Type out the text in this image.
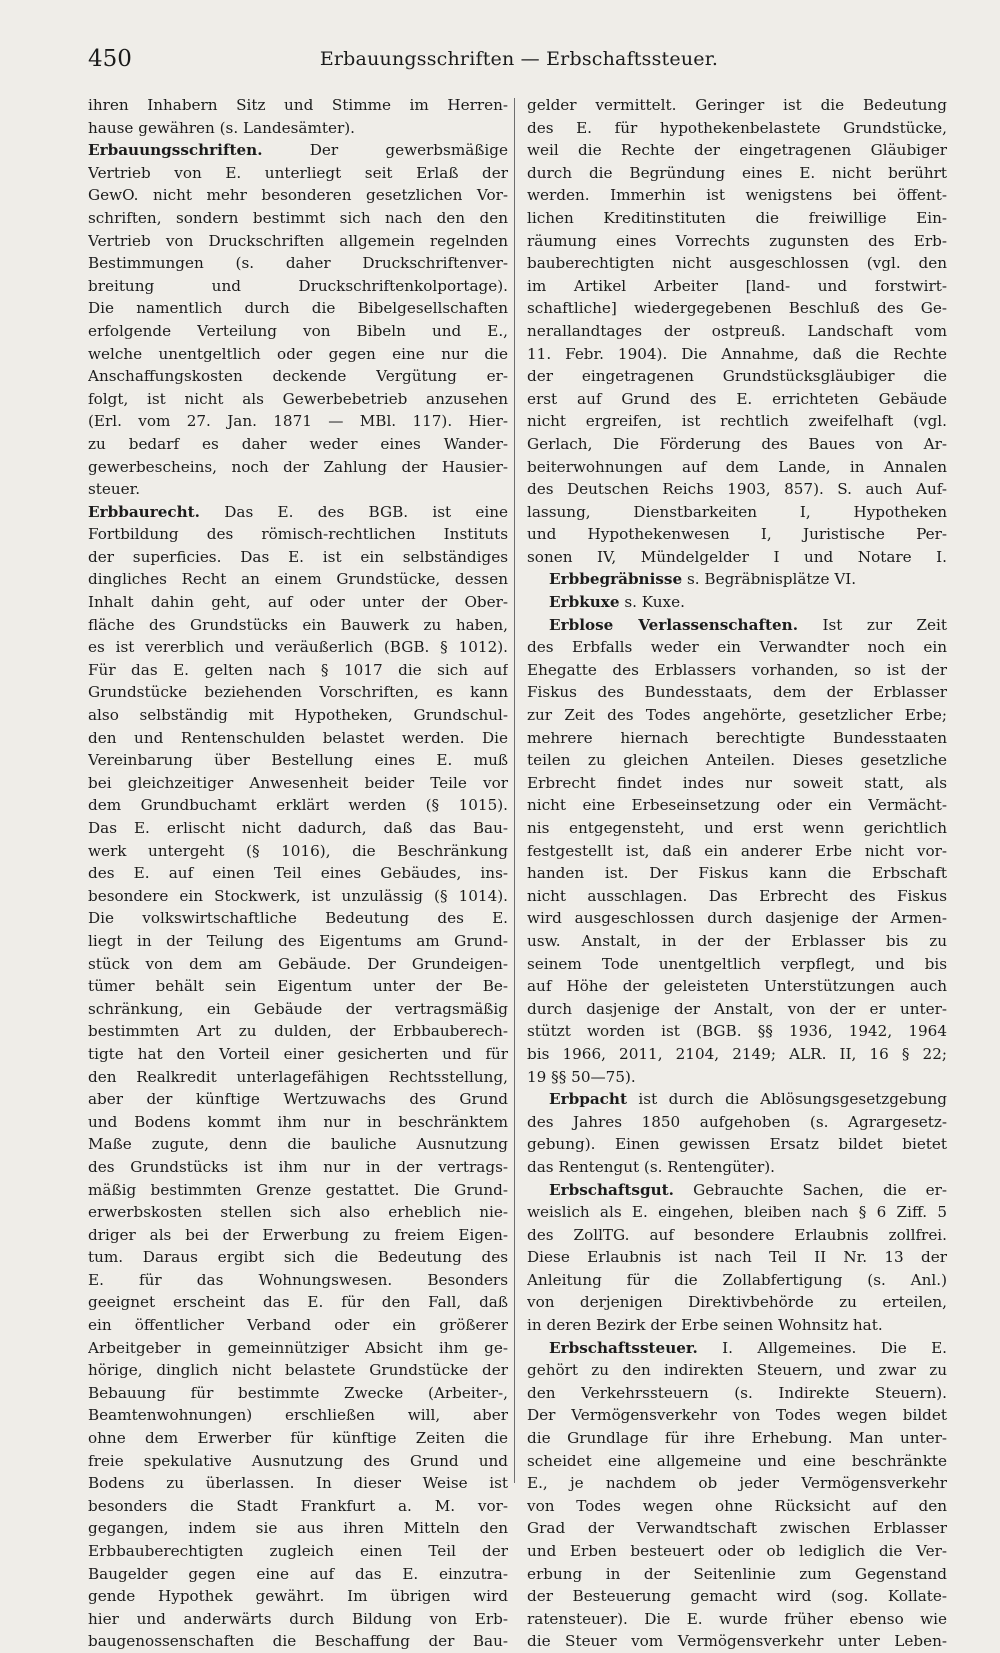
450	Erbauungsschriften — Erbschaftssteuer.
ihren Inhabern Sitz und Stimme im Herren-
hause gewähren (s. Landesämter).
Erbauungsschriften.	Der gewerbsmäßige
Vertrieb von E. unterliegt seit Erlaß der
GewO. nicht mehr besonderen gesetzlichen Vor-
schriften, sondern bestimmt sich nach den den
Vertrieb von Druckschriften allgemein regelnden
Bestimmungen (s. daher Druckschriftenver-
breitung und Druckschriftenkolportage).
Die namentlich durch die Bibelgesellschaften
erfolgende Verteilung von Bibeln und E.,
welche unentgeltlich oder gegen eine nur die
Anschaffungskosten deckende Vergütung er-
folgt, ist nicht als Gewerbebetrieb anzusehen
(Erl. vom 27. Jan. 1871 — MBl. 117). Hier-
zu bedarf es daher weder eines Wander-
gewerbescheins, noch der Zahlung der Hausier-
steuer.
Erbbaurecht. Das E. des BGB. ist eine
Fortbildung des römisch-rechtlichen Instituts
der superficies. Das E. ist ein selbständiges
dingliches Recht an einem Grundstücke, dessen
Inhalt dahin geht, auf oder unter der Ober-
fläche des Grundstücks ein Bauwerk zu haben,
es ist vererblich und veräußerlich (BGB. § 1012).
Für das E. gelten nach § 1017 die sich auf
Grundstücke beziehenden Vorschriften, es kann
also selbständig mit Hypotheken, Grundschul-
den und Rentenschulden belastet werden. Die
Vereinbarung über Bestellung eines E. muß
bei gleichzeitiger Anwesenheit beider Teile vor
dem Grundbuchamt erklärt werden (§ 1015).
Das E. erlischt nicht dadurch, daß das Bau-
werk untergeht (§ 1016), die Beschränkung
des E. auf einen Teil eines Gebäudes, ins-
besondere ein Stockwerk, ist unzulässig (§ 1014).
Die volkswirtschaftliche Bedeutung des E.
liegt in der Teilung des Eigentums am Grund-
stück von dem am Gebäude. Der Grundeigen-
tümer behält sein Eigentum unter der Be-
schränkung, ein Gebäude der vertragsmäßig
bestimmten Art zu dulden, der Erbbauberech-
tigte hat den Vorteil einer gesicherten und für
den Realkredit unterlagefähigen Rechtsstellung,
aber der künftige Wertzuwachs des Grund
und Bodens kommt ihm nur in beschränktem
Maße zugute, denn die bauliche Ausnutzung
des Grundstücks ist ihm nur in der vertrags-
mäßig bestimmten Grenze gestattet. Die Grund-
erwerbskosten stellen sich also erheblich nie-
driger als bei der Erwerbung zu freiem Eigen-
tum. Daraus ergibt sich die Bedeutung des
E. für das Wohnungswesen. Besonders
geeignet erscheint das E. für den Fall, daß
ein öffentlicher Verband oder ein größerer
Arbeitgeber in gemeinnütziger Absicht ihm ge-
hörige, dinglich nicht belastete Grundstücke der
Bebauung für bestimmte Zwecke (Arbeiter-,
Beamtenwohnungen) erschließen will, aber
ohne dem Erwerber für künftige Zeiten die
freie spekulative Ausnutzung des Grund und
Bodens zu überlassen. In dieser Weise ist
besonders die Stadt Frankfurt a. M. vor-
gegangen, indem sie aus ihren Mitteln den
Erbbauberechtigten zugleich einen Teil der
Baugelder gegen eine auf das E. einzutra-
gende Hypothek gewährt. Im übrigen wird
hier und anderwärts durch Bildung von Erb-
baugenossenschaften die Beschaffung der Bau-
gelder vermittelt. Geringer ist die Bedeutung
des E. für hypothekenbelastete Grundstücke,
weil die Rechte der eingetragenen Gläubiger
durch die Begründung eines E. nicht berührt
werden. Immerhin ist wenigstens bei öffent-
lichen Kreditinstituten die freiwillige Ein-
räumung eines Vorrechts zugunsten des Erb-
bauberechtigten nicht ausgeschlossen (vgl. den
im Artikel Arbeiter [land- und forstwirt-
schaftliche] wiedergegebenen Beschluß des Ge-
nerallandtages der ostpreuß. Landschaft vom
11. Febr. 1904). Die Annahme, daß die Rechte
der eingetragenen Grundstücksgläubiger die
erst auf Grund des E. errichteten Gebäude
nicht ergreifen, ist rechtlich zweifelhaft (vgl.
Gerlach, Die Förderung des Baues von Ar-
beiterwohnungen auf dem Lande, in Annalen
des Deutschen Reichs 1903, 857). S. auch Auf-
lassung, Dienstbarkeiten I, Hypotheken
und Hypothekenwesen I, Juristische Per-
sonen IV, Mündelgelder I und Notare I.
Erbbegräbnisse s. Begräbnisplätze VI.
Erbkuxe s. Kuxe.
Erblose Verlassenschaften. Ist zur Zeit
des Erbfalls weder ein Verwandter noch ein
Ehegatte des Erblassers vorhanden, so ist der
Fiskus des Bundesstaats, dem der Erblasser
zur Zeit des Todes angehörte, gesetzlicher Erbe;
mehrere hiernach berechtigte Bundesstaaten
teilen zu gleichen Anteilen. Dieses gesetzliche
Erbrecht findet indes nur soweit statt, als
nicht eine Erbeseinsetzung oder ein Vermächt-
nis entgegensteht, und erst wenn gerichtlich
festgestellt ist, daß ein anderer Erbe nicht vor-
handen ist. Der Fiskus kann die Erbschaft
nicht ausschlagen. Das Erbrecht des Fiskus
wird ausgeschlossen durch dasjenige der Armen-
usw. Anstalt, in der der Erblasser bis zu
seinem Tode unentgeltlich verpflegt, und bis
auf Höhe der geleisteten Unterstützungen auch
durch dasjenige der Anstalt, von der er unter-
stützt worden ist (BGB. §§ 1936, 1942, 1964
bis 1966, 2011, 2104, 2149; ALR. II, 16 § 22;
19 §§ 50—75).
Erbpacht ist durch die Ablösungsgesetzgebung
des Jahres 1850 aufgehoben (s. Agrargesetz-
gebung). Einen gewissen Ersatz bildet bietet
das Rentengut (s. Rentengüter).
Erbschaftsgut. Gebrauchte Sachen, die er-
weislich als E. eingehen, bleiben nach § 6 Ziff. 5
des ZollTG. auf besondere Erlaubnis zollfrei.
Diese Erlaubnis ist nach Teil II Nr. 13 der
Anleitung für die Zollabfertigung (s. Anl.)
von derjenigen Direktivbehörde zu erteilen,
in deren Bezirk der Erbe seinen Wohnsitz hat.
Erbschaftssteuer. I. Allgemeines. Die E.
gehört zu den indirekten Steuern, und zwar zu
den Verkehrssteuern (s. Indirekte Steuern).
Der Vermögensverkehr von Todes wegen bildet
die Grundlage für ihre Erhebung. Man unter-
scheidet eine allgemeine und eine beschränkte
E., je nachdem ob jeder Vermögensverkehr
von Todes wegen ohne Rücksicht auf den
Grad der Verwandtschaft zwischen Erblasser
und Erben besteuert oder ob lediglich die Ver-
erbung in der Seitenlinie zum Gegenstand
der Besteuerung gemacht wird (sog. Kollate-
ratensteuer). Die E. wurde früher ebenso wie
die Steuer vom Vermögensverkehr unter Leben-
